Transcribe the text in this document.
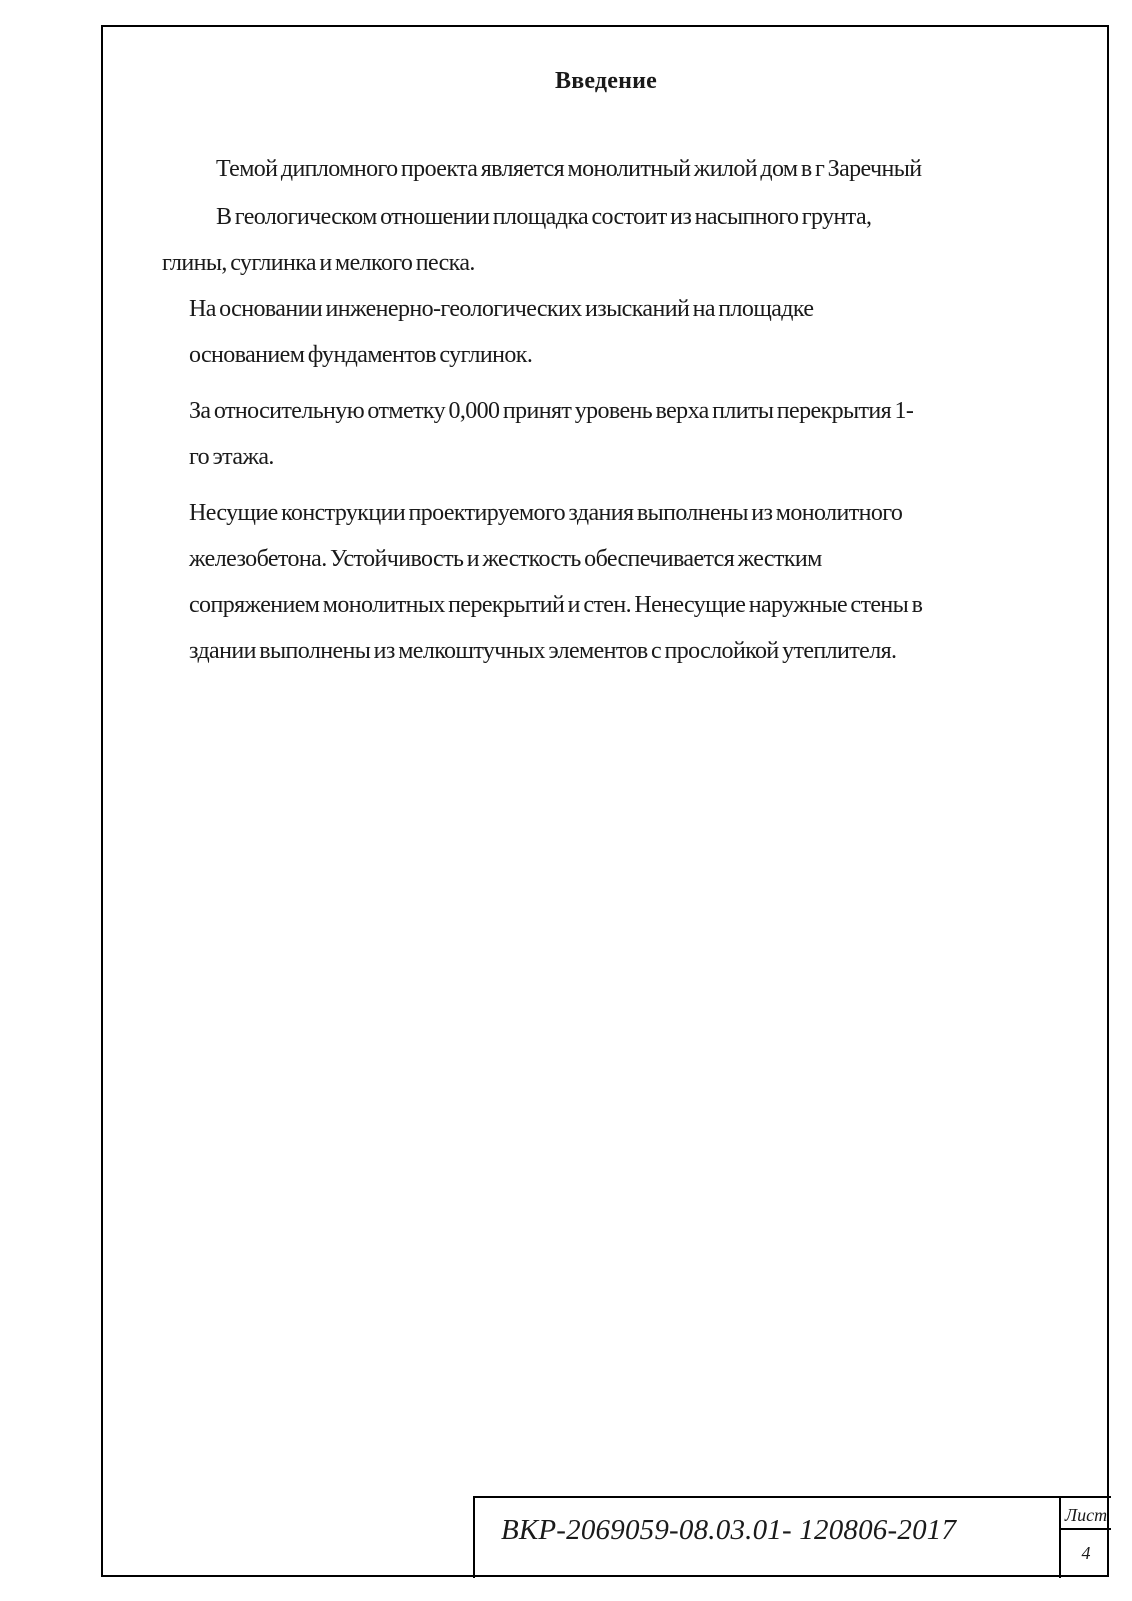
Введение
Темой дипломного проекта является монолитный жилой дом в г Заречный
В геологическом отношении площадка состоит из насыпного грунта,
глины, суглинка и мелкого песка.
На основании инженерно-геологических изысканий на площадке
основанием фундаментов суглинок.
За относительную отметку 0,000 принят уровень верха плиты перекрытия 1-
го этажа.
Несущие конструкции проектируемого здания выполнены из монолитного
железобетона. Устойчивость и жесткость обеспечивается жестким
сопряжением монолитных перекрытий и стен. Ненесущие наружные стены в
здании выполнены из мелкоштучных элементов с прослойкой утеплителя.
ВКР-2069059-08.03.01- 120806-2017	Лист
4
